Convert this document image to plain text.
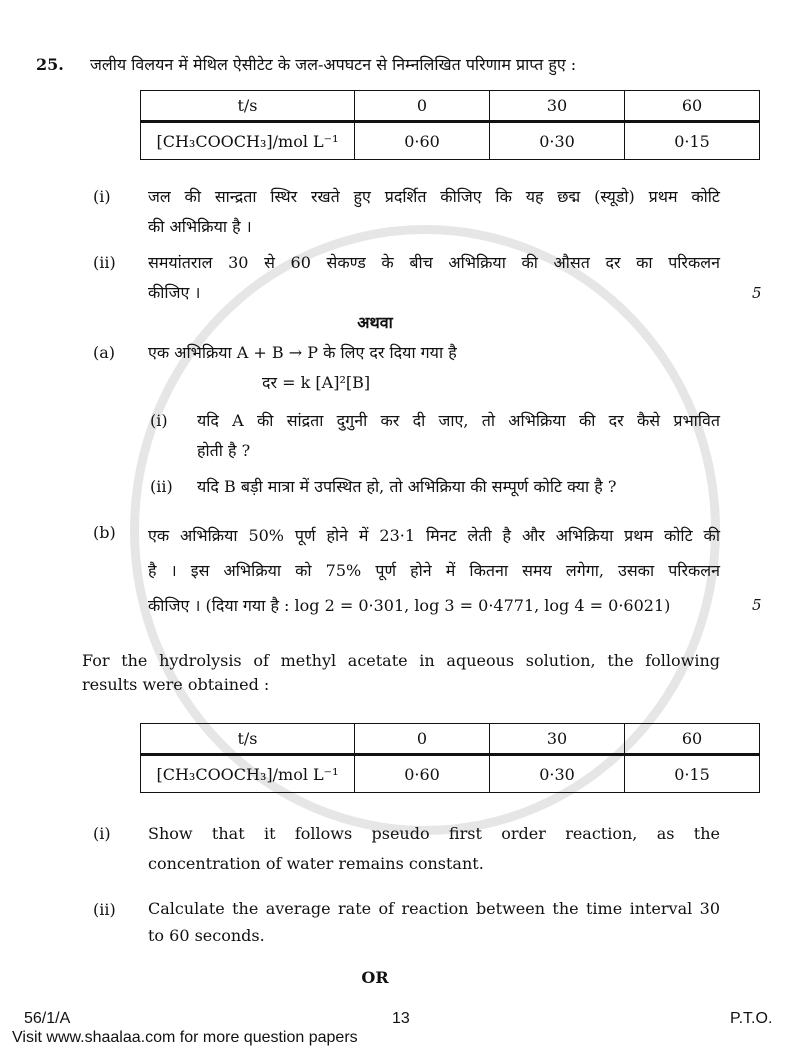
25.	जलीय विलयन में मेथिल ऐसीटेट के जल-अपघटन से निम्नलिखित परिणाम प्राप्त हुए :
t/s	0	30	60
[CH₃COOCH₃]/mol L⁻¹	0·60	0·30	0·15
(i)	जल की सान्द्रता स्थिर रखते हुए प्रदर्शित कीजिए कि यह छद्म (स्यूडो) प्रथम कोटि
की अभिक्रिया है ।
(ii)	समयांतराल 30 से 60 सेकण्ड के बीच अभिक्रिया की औसत दर का परिकलन
कीजिए ।	5
अथवा
(a)	एक अभिक्रिया A + B → P के लिए दर दिया गया है
दर = k [A]²[B]
(i)	यदि A की सांद्रता दुगुनी कर दी जाए, तो अभिक्रिया की दर कैसे प्रभावित
होती है ?
(ii)	यदि B बड़ी मात्रा में उपस्थित हो, तो अभिक्रिया की सम्पूर्ण कोटि क्या है ?
(b)	एक अभिक्रिया 50% पूर्ण होने में 23·1 मिनट लेती है और अभिक्रिया प्रथम कोटि की
है । इस अभिक्रिया को 75% पूर्ण होने में कितना समय लगेगा, उसका परिकलन
कीजिए । (दिया गया है : log 2 = 0·301, log 3 = 0·4771, log 4 = 0·6021)	5
For the hydrolysis of methyl acetate in aqueous solution, the following
results were obtained :
t/s	0	30	60
[CH₃COOCH₃]/mol L⁻¹	0·60	0·30	0·15
(i)	Show that it follows pseudo first order reaction, as the
concentration of water remains constant.
(ii)	Calculate the average rate of reaction between the time interval 30
to 60 seconds.
OR
56/1/A	13	P.T.O.
Visit www.shaalaa.com for more question papers
